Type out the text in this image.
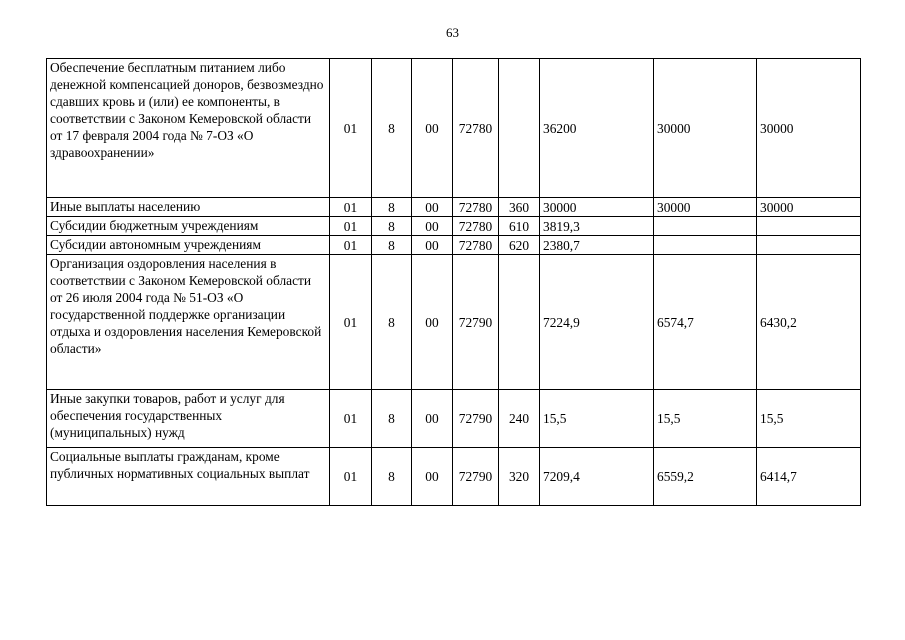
63
Обеспечение бесплатным питанием либо денежной компенсацией доноров, безвозмездно сдавших кровь и (или) ее компоненты, в соответствии с Законом Кемеровской области от 17 февраля 2004 года № 7-ОЗ «О здравоохранении»	01	8	00	72780		36200	30000	30000
Иные выплаты населению	01	8	00	72780	360	30000	30000	30000
Субсидии бюджетным учреждениям	01	8	00	72780	610	3819,3		
Субсидии автономным учреждениям	01	8	00	72780	620	2380,7		
Организация оздоровления населения в соответствии с Законом Кемеровской области от 26 июля 2004 года № 51-ОЗ «О государственной поддержке организации отдыха и оздоровления населения Кемеровской области»	01	8	00	72790		7224,9	6574,7	6430,2
Иные закупки товаров, работ и услуг для обеспечения государственных (муниципальных) нужд	01	8	00	72790	240	15,5	15,5	15,5
Социальные выплаты гражданам, кроме публичных нормативных социальных выплат	01	8	00	72790	320	7209,4	6559,2	6414,7
